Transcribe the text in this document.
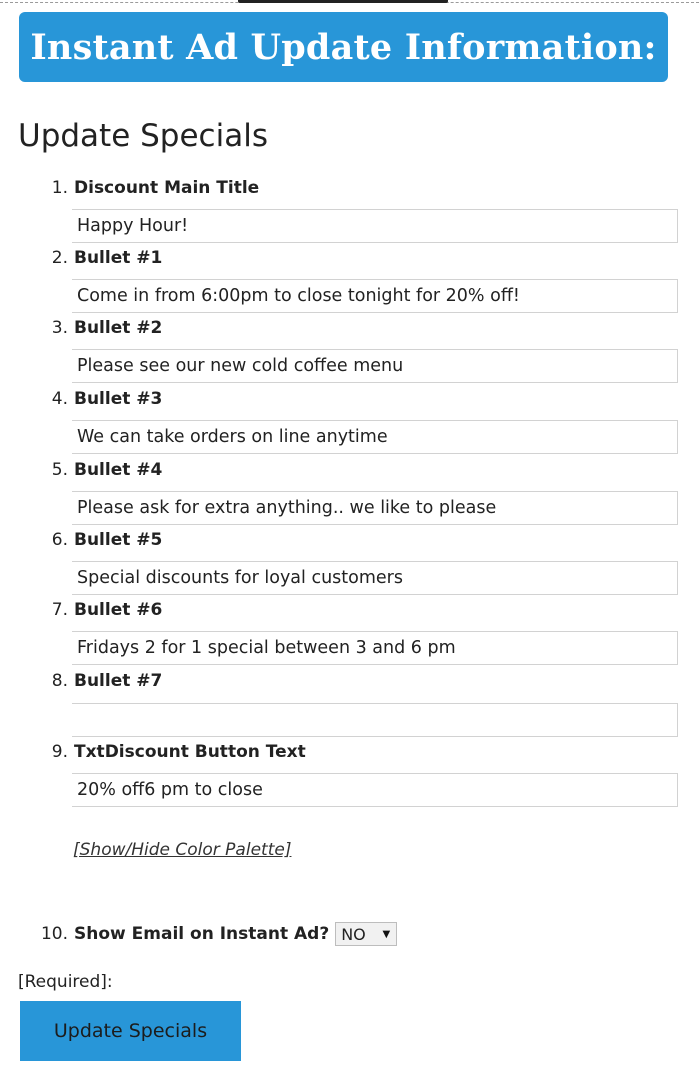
Instant Ad Update Information:
Update Specials
1. Discount Main Title
Happy Hour!
2. Bullet #1
Come in from 6:00pm to close tonight for 20% off!
3. Bullet #2
Please see our new cold coffee menu
4. Bullet #3
We can take orders on line anytime
5. Bullet #4
Please ask for extra anything.. we like to please
6. Bullet #5
Special discounts for loyal customers
7. Bullet #6
Fridays 2 for 1 special between 3 and 6 pm
8. Bullet #7
9. TxtDiscount Button Text
20% off6 pm to close
[Show/Hide Color Palette]
10. Show Email on Instant Ad? NO ▼
[Required]:
Update Specials
